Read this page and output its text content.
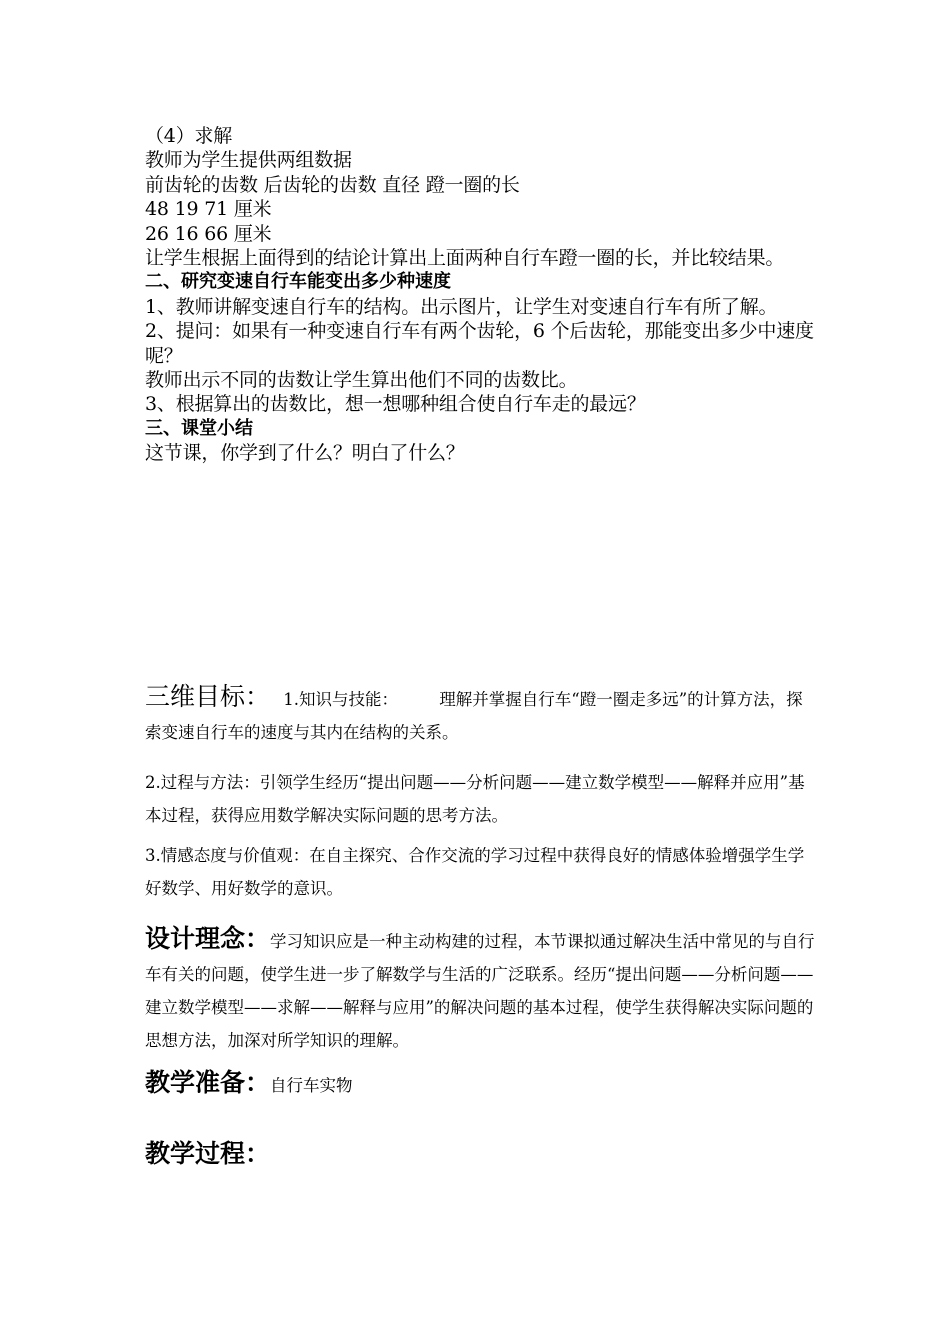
（4）求解
教师为学生提供两组数据
前齿轮的齿数 后齿轮的齿数 直径 蹬一圈的长
48 19 71 厘米
26 16 66 厘米
让学生根据上面得到的结论计算出上面两种自行车蹬一圈的长，并比较结果。
二、研究变速自行车能变出多少种速度
1、教师讲解变速自行车的结构。出示图片，让学生对变速自行车有所了解。
2、提问：如果有一种变速自行车有两个齿轮，6 个后齿轮，那能变出多少中速度呢？
教师出示不同的齿数让学生算出他们不同的齿数比。
3、根据算出的齿数比，想一想哪种组合使自行车走的最远？
三、课堂小结
这节课，你学到了什么？明白了什么？
三维目标： 1.知识与技能：	理解并掌握自行车“蹬一圈走多远”的计算方法，探索变速自行车的速度与其内在结构的关系。
2.过程与方法：引领学生经历“提出问题——分析问题——建立数学模型——解释并应用”基本过程，获得应用数学解决实际问题的思考方法。
3.情感态度与价值观：在自主探究、合作交流的学习过程中获得良好的情感体验增强学生学好数学、用好数学的意识。
设计理念：学习知识应是一种主动构建的过程，本节课拟通过解决生活中常见的与自行车有关的问题，使学生进一步了解数学与生活的广泛联系。经历“提出问题——分析问题——建立数学模型——求解——解释与应用”的解决问题的基本过程，使学生获得解决实际问题的思想方法，加深对所学知识的理解。
教学准备：自行车实物
教学过程：
